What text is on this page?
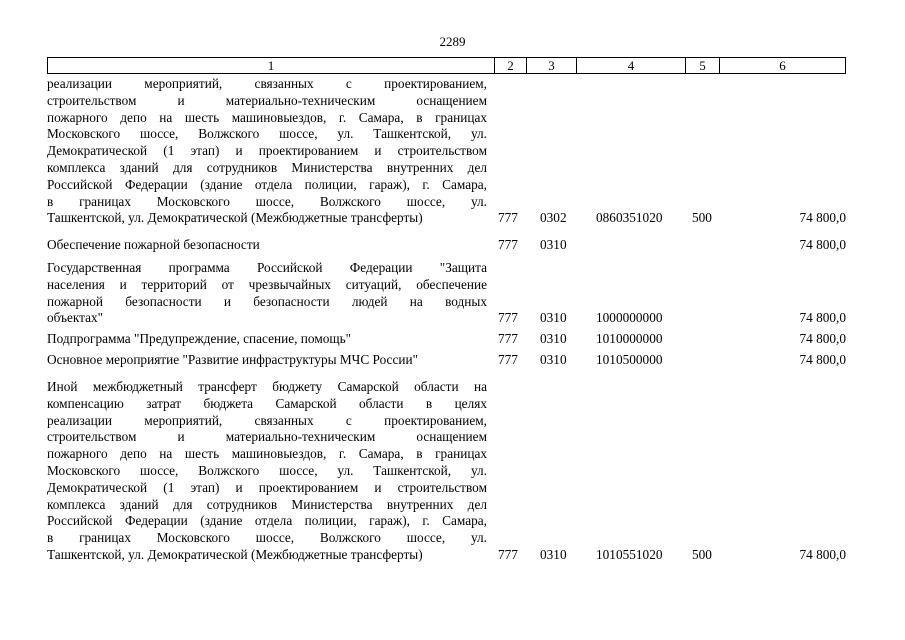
2289
1	2	3	4	5	6
реализации мероприятий, связанных с проектированием,
строительством и материально-техническим оснащением
пожарного депо на шесть машиновыездов, г. Самара, в границах
Московского шоссе, Волжского шоссе, ул. Ташкентской, ул.
Демократической (1 этап) и проектированием и строительством
комплекса зданий для сотрудников Министерства внутренних дел
Российской Федерации (здание отдела полиции, гараж), г. Самара,
в границах Московского шоссе, Волжского шоссе, ул.
Ташкентской, ул. Демократической (Межбюджетные трансферты)	777 0302 0860351020 500	74 800,0
Обеспечение пожарной безопасности	777 0310	74 800,0
Государственная программа Российской Федерации "Защита
населения и территорий от чрезвычайных ситуаций, обеспечение
пожарной безопасности и безопасности людей на водных
объектах"	777 0310 1000000000	74 800,0
Подпрограмма "Предупреждение, спасение, помощь"	777 0310 1010000000	74 800,0
Основное мероприятие "Развитие инфраструктуры МЧС России"	777 0310 1010500000	74 800,0
Иной межбюджетный трансферт бюджету Самарской области на
компенсацию затрат бюджета Самарской области в целях
реализации мероприятий, связанных с проектированием,
строительством и материально-техническим оснащением
пожарного депо на шесть машиновыездов, г. Самара, в границах
Московского шоссе, Волжского шоссе, ул. Ташкентской, ул.
Демократической (1 этап) и проектированием и строительством
комплекса зданий для сотрудников Министерства внутренних дел
Российской Федерации (здание отдела полиции, гараж), г. Самара,
в границах Московского шоссе, Волжского шоссе, ул.
Ташкентской, ул. Демократической (Межбюджетные трансферты)	777 0310 1010551020 500	74 800,0
